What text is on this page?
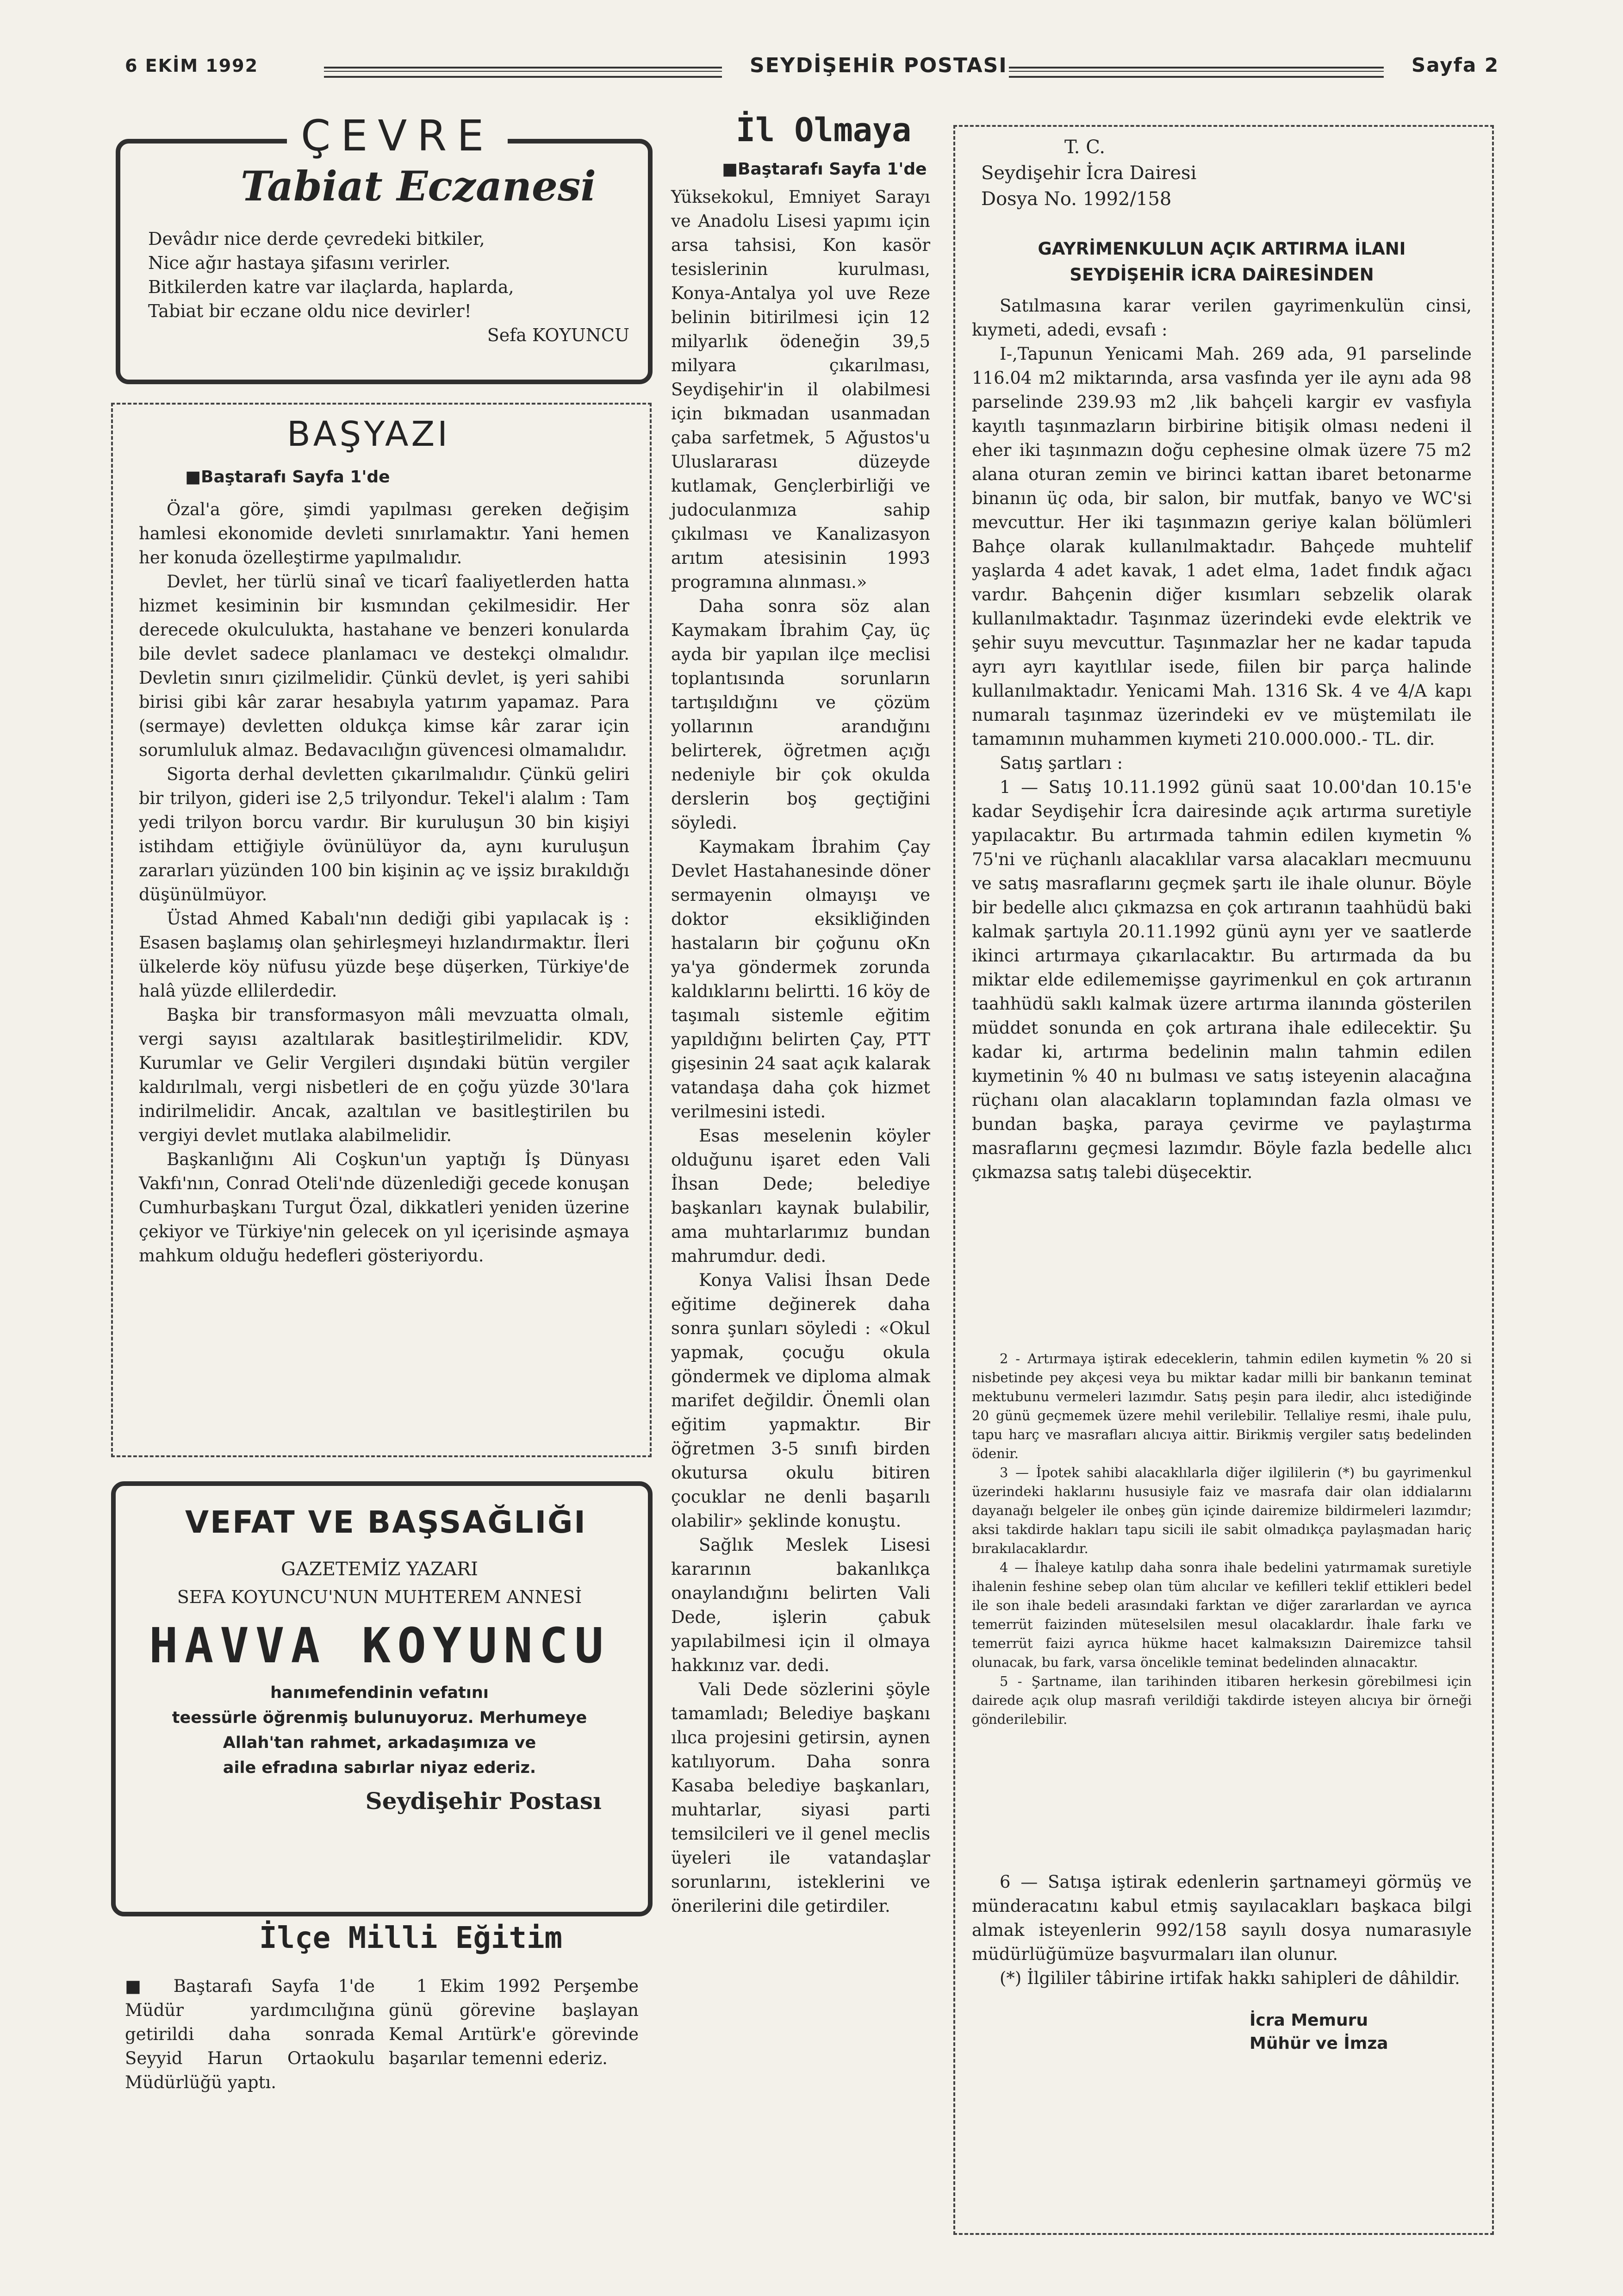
6 EKİM 1992	SEYDİŞEHİR POSTASI	Sayfa 2
ÇEVRE
Tabiat Eczanesi
Devâdır nice derde çevredeki bitkiler,
Nice ağır hastaya şifasını verirler.
Bitkilerden katre var ilaçlarda, haplarda,
Tabiat bir eczane oldu nice devirler!
Sefa KOYUNCU
BAŞYAZI
■Baştarafı Sayfa 1'de

Özal'a göre, şimdi yapılması gereken değişim hamlesi ekonomide devleti sınırlamaktır. Yani hemen her konuda özelleştirme yapılmalıdır.

Devlet, her türlü sinaî ve ticarî faaliyetlerden hatta hizmet kesiminin bir kısmından çekilmesidir. Her derecede okulculukta, hastahane ve benzeri konularda bile devlet sadece planlamacı ve destekçi olmalıdır. Devletin sınırı çizilmelidir. Çünkü devlet, iş yeri sahibi birisi gibi kâr zarar hesabıyla yatırım yapamaz. Para (sermaye) devletten oldukça kimse kâr zarar için sorumluluk almaz. Bedavacılığın güvencesi olmamalıdır.

Sigorta derhal devletten çıkarılmalıdır. Çünkü geliri bir trilyon, gideri ise 2,5 trilyondur. Tekel'i alalım : Tam yedi trilyon borcu vardır. Bir kuruluşun 30 bin kişiyi istihdam ettiğiyle övünülüyor da, aynı kuruluşun zararları yüzünden 100 bin kişinin aç ve işsiz bırakıldığı düşünülmüyor.

Üstad Ahmed Kabalı'nın dediği gibi yapılacak iş : Esasen başlamış olan şehirleşmeyi hızlandırmaktır. İleri ülkelerde köy nüfusu yüzde beşe düşerken, Türkiye'de halâ yüzde ellilerdedir.

Başka bir transformasyon mâli mevzuatta olmalı, vergi sayısı azaltılarak basitleştirilmelidir. KDV, Kurumlar ve Gelir Vergileri dışındaki bütün vergiler kaldırılmalı, vergi nisbetleri de en çoğu yüzde 30'lara indirilmelidir. Ancak, azaltılan ve basitleştirilen bu vergiyi devlet mutlaka alabilmelidir.

Başkanlığını Ali Coşkun'un yaptığı İş Dünyası Vakfı'nın, Conrad Oteli'nde düzenlediği gecede konuşan Cumhurbaşkanı Turgut Özal, dikkatleri yeniden üzerine çekiyor ve Türkiye'nin gelecek on yıl içerisinde aşmaya mahkum olduğu hedefleri gösteriyordu.

VEFAT VE BAŞSAĞLIĞI
GAZETEMİZ YAZARI
SEFA KOYUNCU'NUN MUHTEREM ANNESİ
HAVVA KOYUNCU
hanımefendinin vefatını
teessürle öğrenmiş bulunuyoruz. Merhumeye
Allah'tan rahmet, arkadaşımıza ve
aile efradına sabırlar niyaz ederiz.
Seydişehir Postası
İlçe Milli Eğitim

■ Baştarafı Sayfa 1'de Müdür yardımcılığına getirildi daha sonrada Seyyid Harun Ortaokulu Müdürlüğü yaptı.

1 Ekim 1992 Perşembe günü görevine başlayan Kemal Arıtürk'e görevinde başarılar temenni ederiz.

İl Olmaya
■Baştarafı Sayfa 1'de

Yüksekokul, Emniyet Sarayı ve Anadolu Lisesi yapımı için arsa tahsisi, Kon kasör tesislerinin kurulması, Konya-Antalya yol uve Reze belinin bitirilmesi için 12 milyarlık ödeneğin 39,5 milyara çıkarılması, Seydişehir'in il olabilmesi için bıkmadan usanmadan çaba sarfetmek, 5 Ağustos'u Uluslararası düzeyde kutlamak, Gençlerbirliği ve judoculanmıza sahip çıkılması ve Kanalizasyon arıtım atesisinin 1993 programına alınması.»

Daha sonra söz alan Kaymakam İbrahim Çay, üç ayda bir yapılan ilçe meclisi toplantısında sorunların tartışıldığını ve çözüm yollarının arandığını belirterek, öğretmen açığı nedeniyle bir çok okulda derslerin boş geçtiğini söyledi.

Kaymakam İbrahim Çay Devlet Hastahanesinde döner sermayenin olmayışı ve doktor eksikliğinden hastaların bir çoğunu oKn ya'ya göndermek zorunda kaldıklarını belirtti. 16 köy de taşımalı sistemle eğitim yapıldığını belirten Çay, PTT gişesinin 24 saat açık kalarak vatandaşa daha çok hizmet verilmesini istedi.

Esas meselenin köyler olduğunu işaret eden Vali İhsan Dede; belediye başkanları kaynak bulabilir, ama muhtarlarımız bundan mahrumdur. dedi.

Konya Valisi İhsan Dede eğitime değinerek daha sonra şunları söyledi : «Okul yapmak, çocuğu okula göndermek ve diploma almak marifet değildir. Önemli olan eğitim yapmaktır. Bir öğretmen 3-5 sınıfı birden okutursa okulu bitiren çocuklar ne denli başarılı olabilir» şeklinde konuştu.

Sağlık Meslek Lisesi kararının bakanlıkça onaylandığını belirten Vali Dede, işlerin çabuk yapılabilmesi için il olmaya hakkınız var. dedi.

Vali Dede sözlerini şöyle tamamladı; Belediye başkanı ılıca projesini getirsin, aynen katılıyorum. Daha sonra Kasaba belediye başkanları, muhtarlar, siyasi parti temsilcileri ve il genel meclis üyeleri ile vatandaşlar sorunlarını, isteklerini ve önerilerini dile getirdiler.

T. C.
Seydişehir İcra Dairesi
Dosya No. 1992/158
GAYRİMENKULUN AÇIK ARTIRMA İLANI
SEYDİŞEHİR İCRA DAİRESİNDEN

Satılmasına karar verilen gayrimenkulün cinsi, kıymeti, adedi, evsafı :

I-,Tapunun Yenicami Mah. 269 ada, 91 parselinde 116.04 m2 miktarında, arsa vasfında yer ile aynı ada 98 parselinde 239.93 m2 ,lik bahçeli kargir ev vasfıyla kayıtlı taşınmazların birbirine bitişik olması nedeni il eher iki taşınmazın doğu cephesine olmak üzere 75 m2 alana oturan zemin ve birinci kattan ibaret betonarme binanın üç oda, bir salon, bir mutfak, banyo ve WC'si mevcuttur. Her iki taşınmazın geriye kalan bölümleri Bahçe olarak kullanılmaktadır. Bahçede muhtelif yaşlarda 4 adet kavak, 1 adet elma, 1adet fındık ağacı vardır. Bahçenin diğer kısımları sebzelik olarak kullanılmaktadır. Taşınmaz üzerindeki evde elektrik ve şehir suyu mevcuttur. Taşınmazlar her ne kadar tapuda ayrı ayrı kayıtlılar isede, fiilen bir parça halinde kullanılmaktadır. Yenicami Mah. 1316 Sk. 4 ve 4/A kapı numaralı taşınmaz üzerindeki ev ve müştemilatı ile tamamının muhammen kıymeti 210.000.000.- TL. dir.

Satış şartları :

1 — Satış 10.11.1992 günü saat 10.00'dan 10.15'e kadar Seydişehir İcra dairesinde açık artırma suretiyle yapılacaktır. Bu artırmada tahmin edilen kıymetin % 75'ni ve rüçhanlı alacaklılar varsa alacakları mecmuunu ve satış masraflarını geçmek şartı ile ihale olunur. Böyle bir bedelle alıcı çıkmazsa en çok artıranın taahhüdü baki kalmak şartıyla 20.11.1992 günü aynı yer ve saatlerde ikinci artırmaya çıkarılacaktır. Bu artırmada da bu miktar elde edilememişse gayrimenkul en çok artıranın taahhüdü saklı kalmak üzere artırma ilanında gösterilen müddet sonunda en çok artırana ihale edilecektir. Şu kadar ki, artırma bedelinin malın tahmin edilen kıymetinin % 40 nı bulması ve satış isteyenin alacağına rüçhanı olan alacakların toplamından fazla olması ve bundan başka, paraya çevirme ve paylaştırma masraflarını geçmesi lazımdır. Böyle fazla bedelle alıcı çıkmazsa satış talebi düşecektir.

2 - Artırmaya iştirak edeceklerin, tahmin edilen kıymetin % 20 si nisbetinde pey akçesi veya bu miktar kadar milli bir bankanın teminat mektubunu vermeleri lazımdır. Satış peşin para iledir, alıcı istediğinde 20 günü geçmemek üzere mehil verilebilir. Tellaliye resmi, ihale pulu, tapu harç ve masrafları alıcıya aittir. Birikmiş vergiler satış bedelinden ödenir.

3 — İpotek sahibi alacaklılarla diğer ilgililerin (*) bu gayrimenkul üzerindeki haklarını hususiyle faiz ve masrafa dair olan iddialarını dayanağı belgeler ile onbeş gün içinde dairemize bildirmeleri lazımdır; aksi takdirde hakları tapu sicili ile sabit olmadıkça paylaşmadan hariç bırakılacaklardır.

4 — İhaleye katılıp daha sonra ihale bedelini yatırmamak suretiyle ihalenin feshine sebep olan tüm alıcılar ve kefilleri teklif ettikleri bedel ile son ihale bedeli arasındaki farktan ve diğer zararlardan ve ayrıca temerrüt faizinden müteselsilen mesul olacaklardır. İhale farkı ve temerrüt faizi ayrıca hükme hacet kalmaksızın Dairemizce tahsil olunacak, bu fark, varsa öncelikle teminat bedelinden alınacaktır.

5 - Şartname, ilan tarihinden itibaren herkesin görebilmesi için dairede açık olup masrafı verildiği takdirde isteyen alıcıya bir örneği gönderilebilir.

6 — Satışa iştirak edenlerin şartnameyi görmüş ve münderacatını kabul etmiş sayılacakları başkaca bilgi almak isteyenlerin 992/158 sayılı dosya numarasıyle müdürlüğümüze başvurmaları ilan olunur.

(*) İlgililer tâbirine irtifak hakkı sahipleri de dâhildir.

İcra Memuru
Mühür ve İmza
